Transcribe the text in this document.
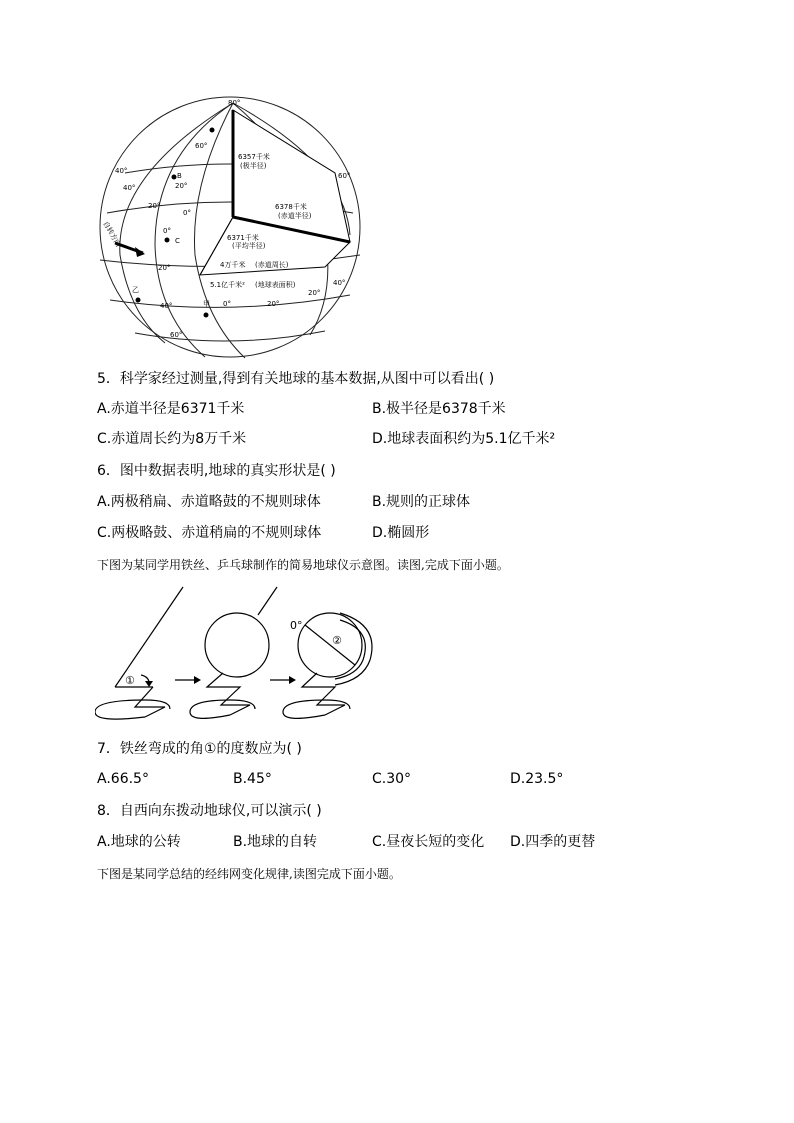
80°
60°
40°
40°	20°
20°
0°
0°
20°
40°
60°
60°
40°
20°
C
B
乙
甲 0°	20°
自转方向
6357千米
(极半径)
6378千米
(赤道半径)
6371千米
(平均半径)
4万千米 (赤道周长)
5.1亿千米² (地球表面积)
5．科学家经过测量,得到有关地球的基本数据,从图中可以看出( )
A.赤道半径是6371千米	B.极半径是6378千米
C.赤道周长约为8万千米	D.地球表面积约为5.1亿千米²
6．图中数据表明,地球的真实形状是( )
A.两极稍扁、赤道略鼓的不规则球体	B.规则的正球体
C.两极略鼓、赤道稍扁的不规则球体	D.椭圆形
下图为某同学用铁丝、乒乓球制作的简易地球仪示意图。读图,完成下面小题。
①
②
0°
7．铁丝弯成的角①的度数应为( )
A.66.5°	B.45°	C.30°	D.23.5°
8．自西向东拨动地球仪,可以演示( )
A.地球的公转	B.地球的自转	C.昼夜长短的变化 D.四季的更替
下图是某同学总结的经纬网变化规律,读图完成下面小题。
